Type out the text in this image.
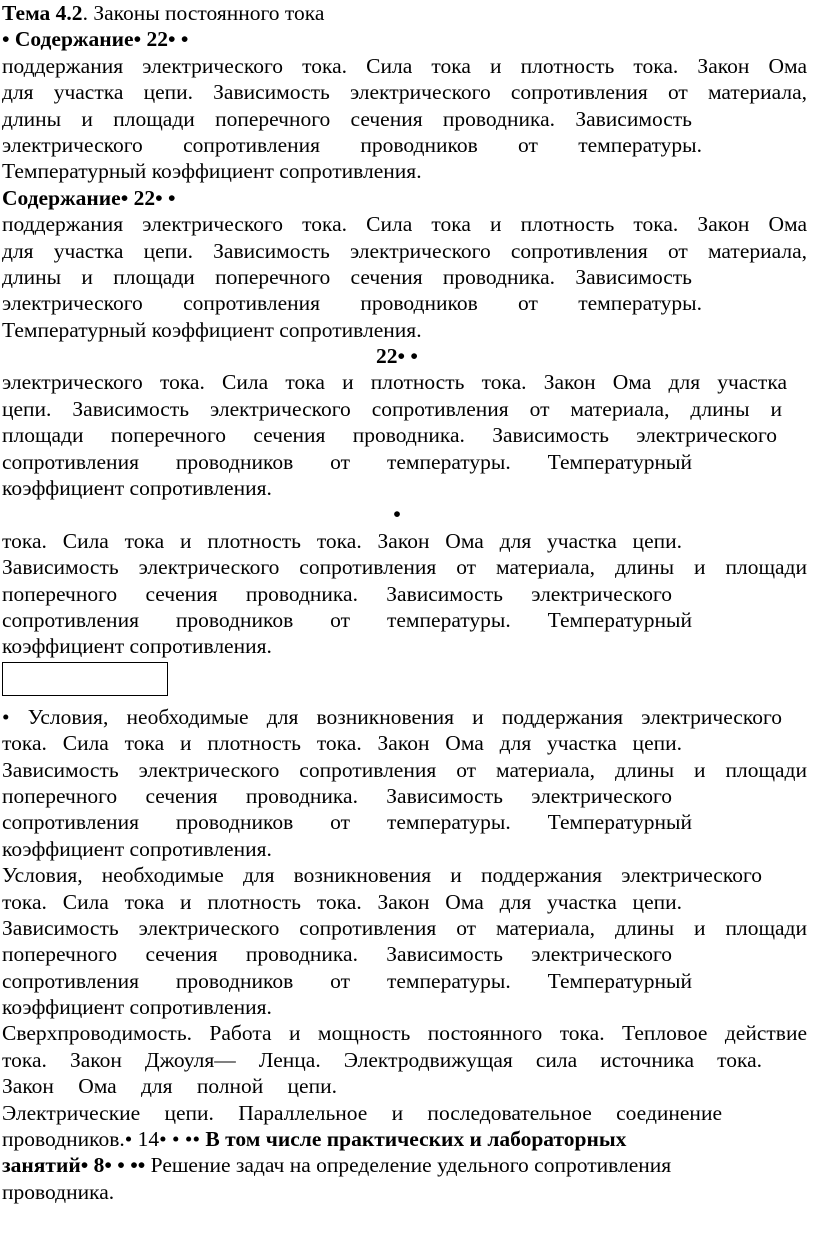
Тема 4.2. Законы постоянного тока
• Содержание• 22• •
поддержания электрического тока. Сила тока и плотность тока. Закон Ома
для участка цепи. Зависимость электрического сопротивления от материала,
длины и площади поперечного сечения проводника. Зависимость
электрического сопротивления проводников от температуры.
Температурный коэффициент сопротивления.
Содержание• 22• •
поддержания электрического тока. Сила тока и плотность тока. Закон Ома
для участка цепи. Зависимость электрического сопротивления от материала,
длины и площади поперечного сечения проводника. Зависимость
электрического сопротивления проводников от температуры.
Температурный коэффициент сопротивления.
22• •
электрического тока. Сила тока и плотность тока. Закон Ома для участка
цепи. Зависимость электрического сопротивления от материала, длины и
площади поперечного сечения проводника. Зависимость электрического
сопротивления проводников от температуры. Температурный
коэффициент сопротивления.
•
тока. Сила тока и плотность тока. Закон Ома для участка цепи.
Зависимость электрического сопротивления от материала, длины и площади
поперечного сечения проводника. Зависимость электрического
сопротивления проводников от температуры. Температурный
коэффициент сопротивления.
• Условия, необходимые для возникновения и поддержания электрического
тока. Сила тока и плотность тока. Закон Ома для участка цепи.
Зависимость электрического сопротивления от материала, длины и площади
поперечного сечения проводника. Зависимость электрического
сопротивления проводников от температуры. Температурный
коэффициент сопротивления.
Условия, необходимые для возникновения и поддержания электрического
тока. Сила тока и плотность тока. Закон Ома для участка цепи.
Зависимость электрического сопротивления от материала, длины и площади
поперечного сечения проводника. Зависимость электрического
сопротивления проводников от температуры. Температурный
коэффициент сопротивления.
Сверхпроводимость. Работа и мощность постоянного тока. Тепловое действие
тока. Закон Джоуля— Ленца. Электродвижущая сила источника тока.
Закон Ома для полной цепи.
Электрические цепи. Параллельное и последовательное соединение
проводников.• 14• • •• В том числе практических и лабораторных
занятий• 8• • •• Решение задач на определение удельного сопротивления
проводника.
